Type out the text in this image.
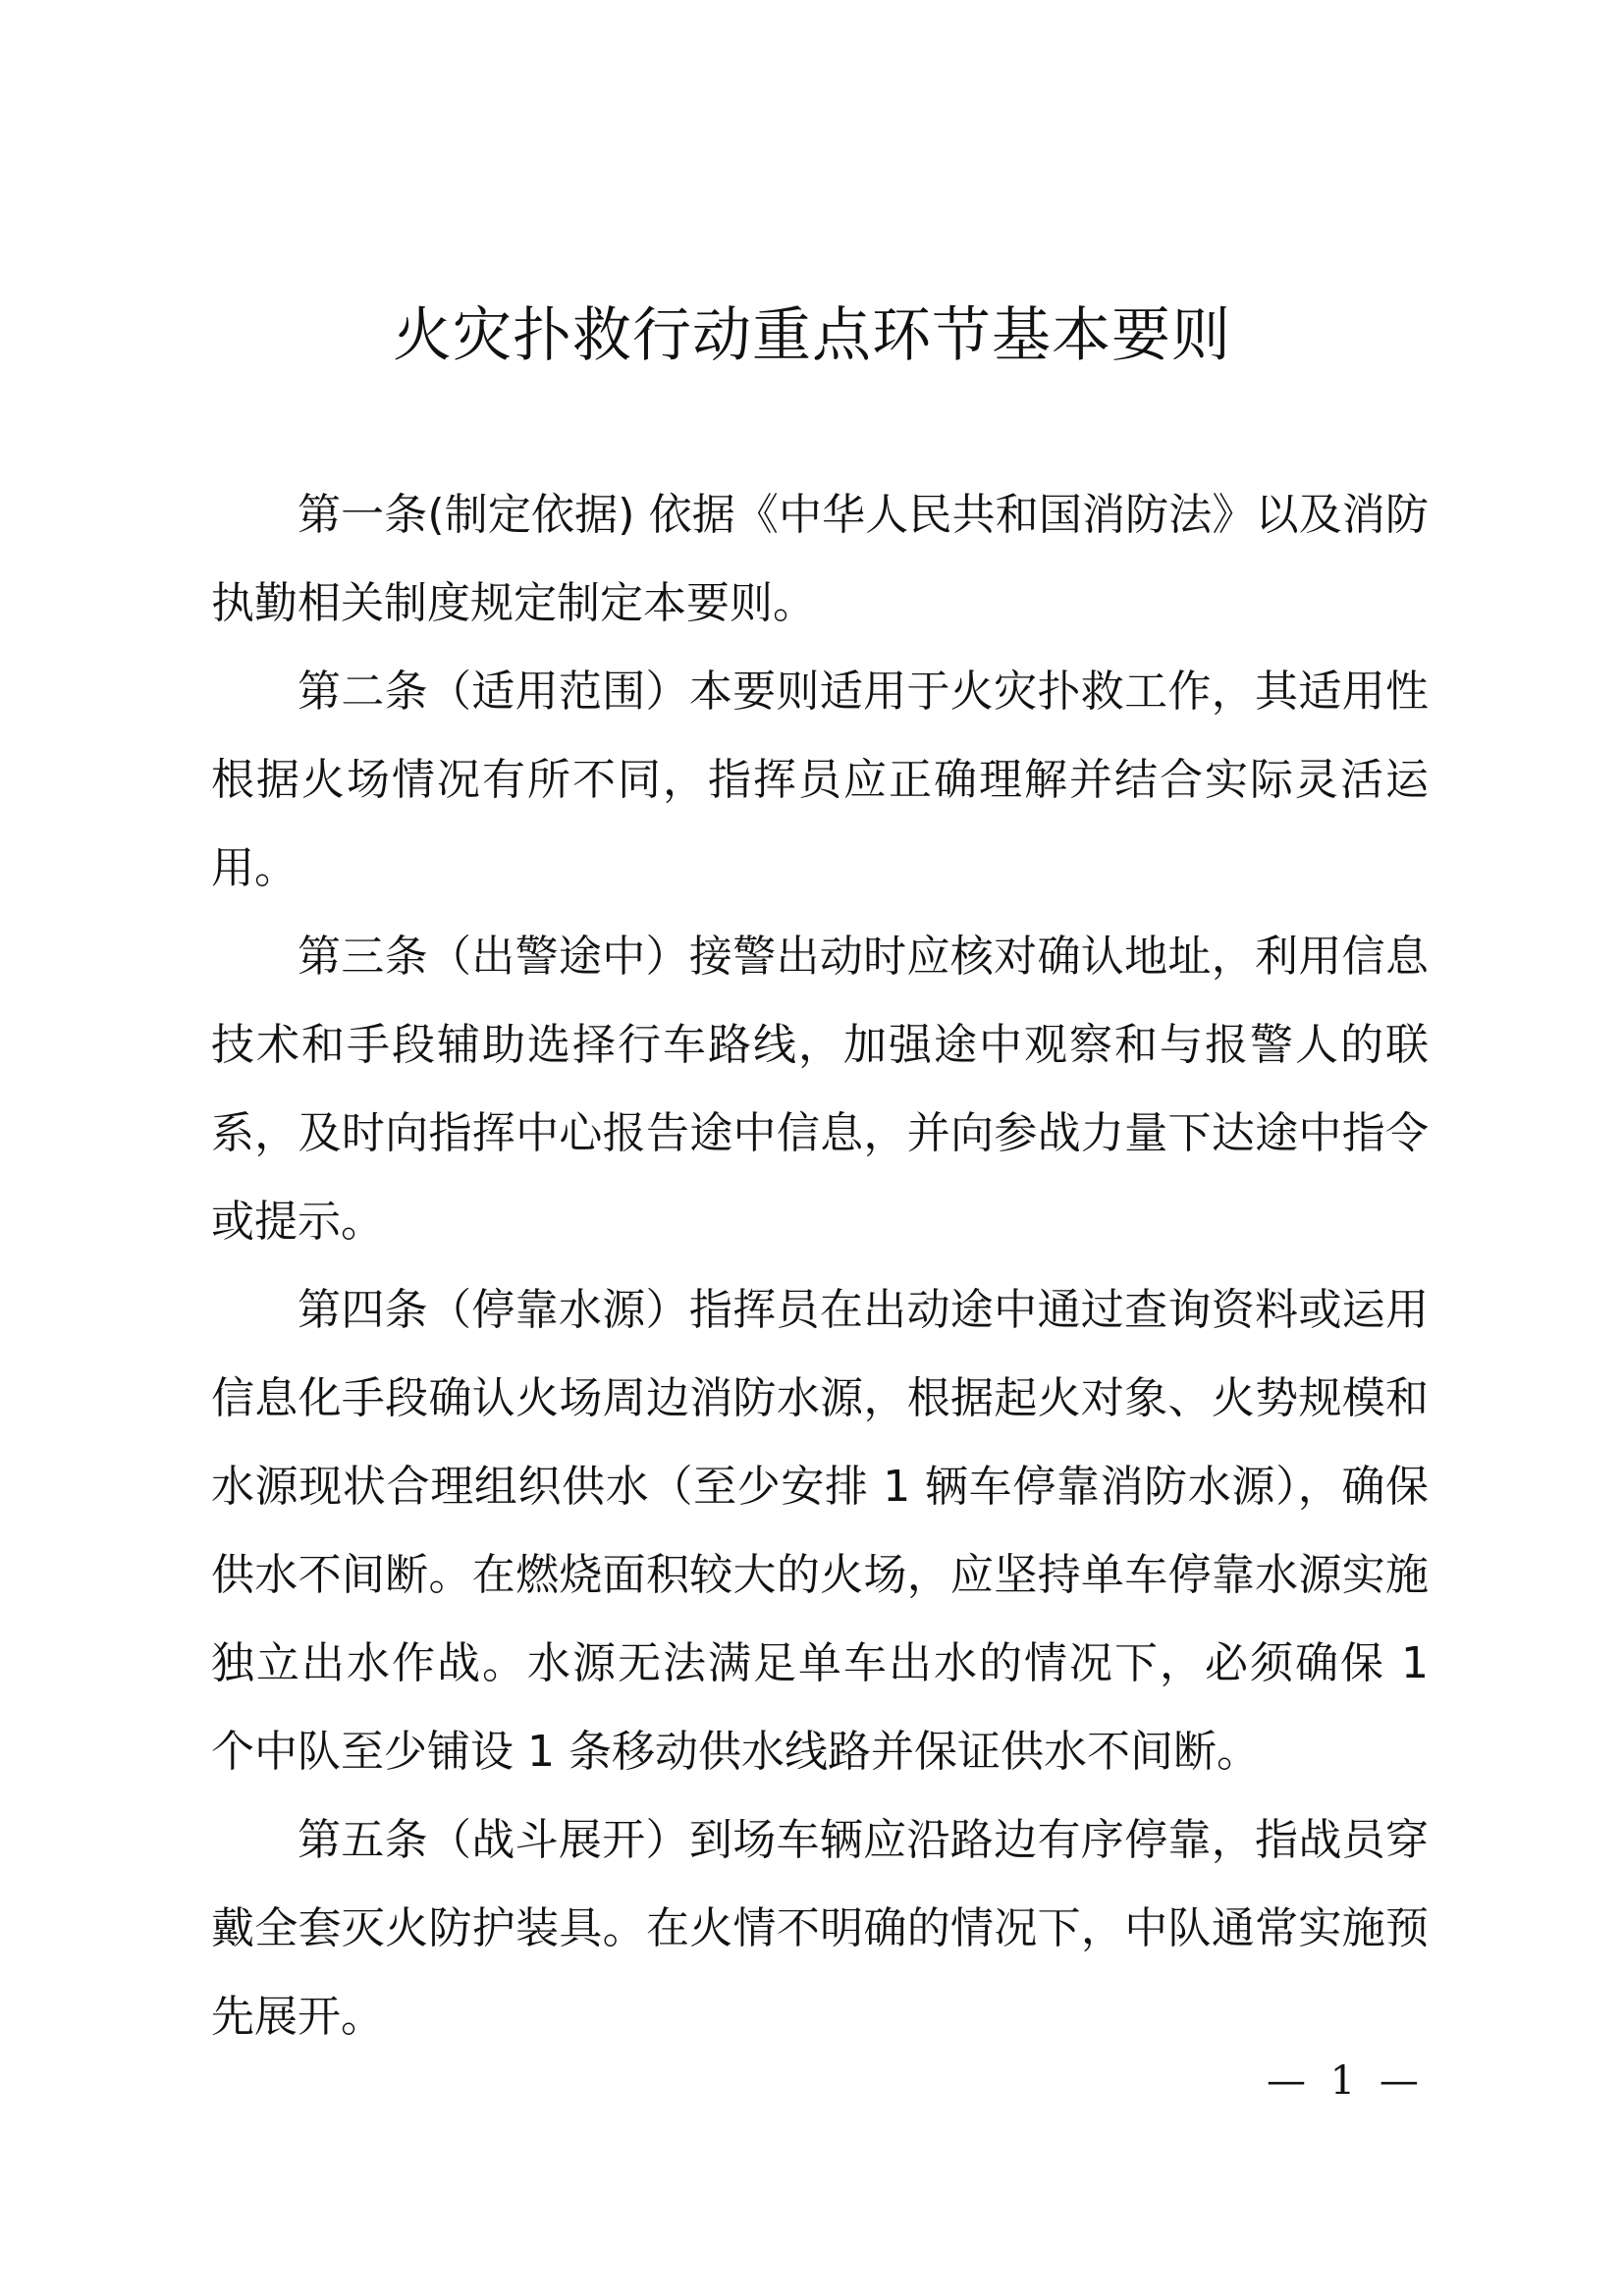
火灾扑救行动重点环节基本要则

第一条(制定依据) 依据《中华人民共和国消防法》以及消防执勤相关制度规定制定本要则。

第二条（适用范围）本要则适用于火灾扑救工作，其适用性根据火场情况有所不同，指挥员应正确理解并结合实际灵活运用。

第三条（出警途中）接警出动时应核对确认地址，利用信息技术和手段辅助选择行车路线，加强途中观察和与报警人的联系，及时向指挥中心报告途中信息，并向参战力量下达途中指令或提示。

第四条（停靠水源）指挥员在出动途中通过查询资料或运用信息化手段确认火场周边消防水源，根据起火对象、火势规模和水源现状合理组织供水（至少安排 1 辆车停靠消防水源），确保供水不间断。在燃烧面积较大的火场，应坚持单车停靠水源实施独立出水作战。水源无法满足单车出水的情况下，必须确保 1 个中队至少铺设 1 条移动供水线路并保证供水不间断。

第五条（战斗展开）到场车辆应沿路边有序停靠，指战员穿戴全套灭火防护装具。在火情不明确的情况下，中队通常实施预先展开。

— 1 —
